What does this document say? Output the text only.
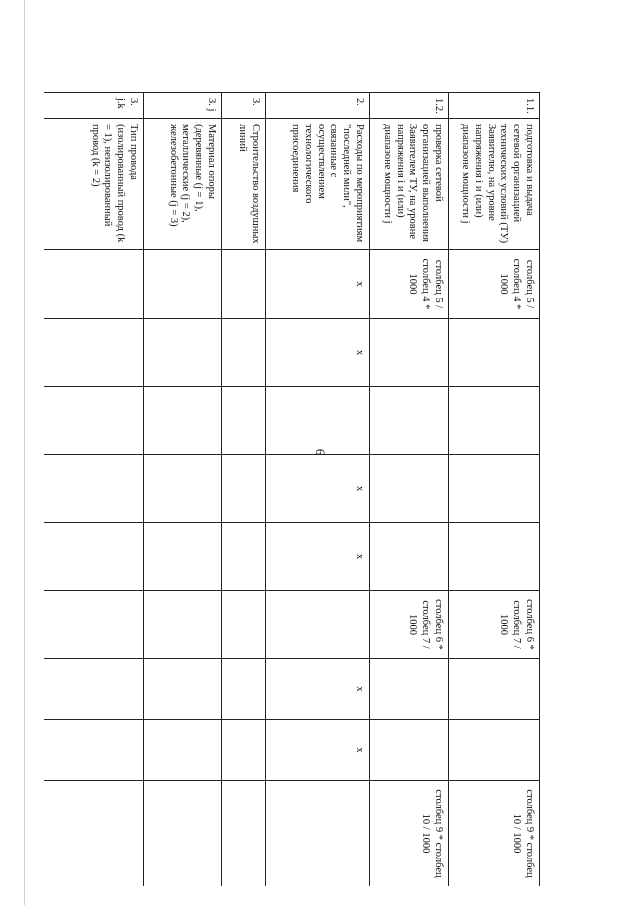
6
1.1.	подготовка и выдача сетевой организацией технических условий (ТУ) Заявителю, на уровне напряжения i и (или) диапазоне мощности j	столбец 5 / столбец 4 * 1000					столбец 6 * столбец 7 / 1000			столбец 9 * столбец 10 / 1000
1.2.	проверка сетевой организацией выполнения Заявителем ТУ, на уровне напряжения i и (или) диапазоне мощности j	столбец 5 / столбец 4 * 1000					столбец 6 * столбец 7 / 1000			столбец 9 * столбец 10 / 1000
2.	Расходы по мероприятиям "последней мили", связанные с осуществлением технологического присоединения	x	x		x	x		x	x	
3.	Строительство воздушных линий									
3. j	Материал опоры (деревянные (j = 1), металлические (j = 2), железобетонные (j = 3)									
3. j.k	Тип провода (изолированный провод (k = 1), неизолированный провод (k = 2)									
